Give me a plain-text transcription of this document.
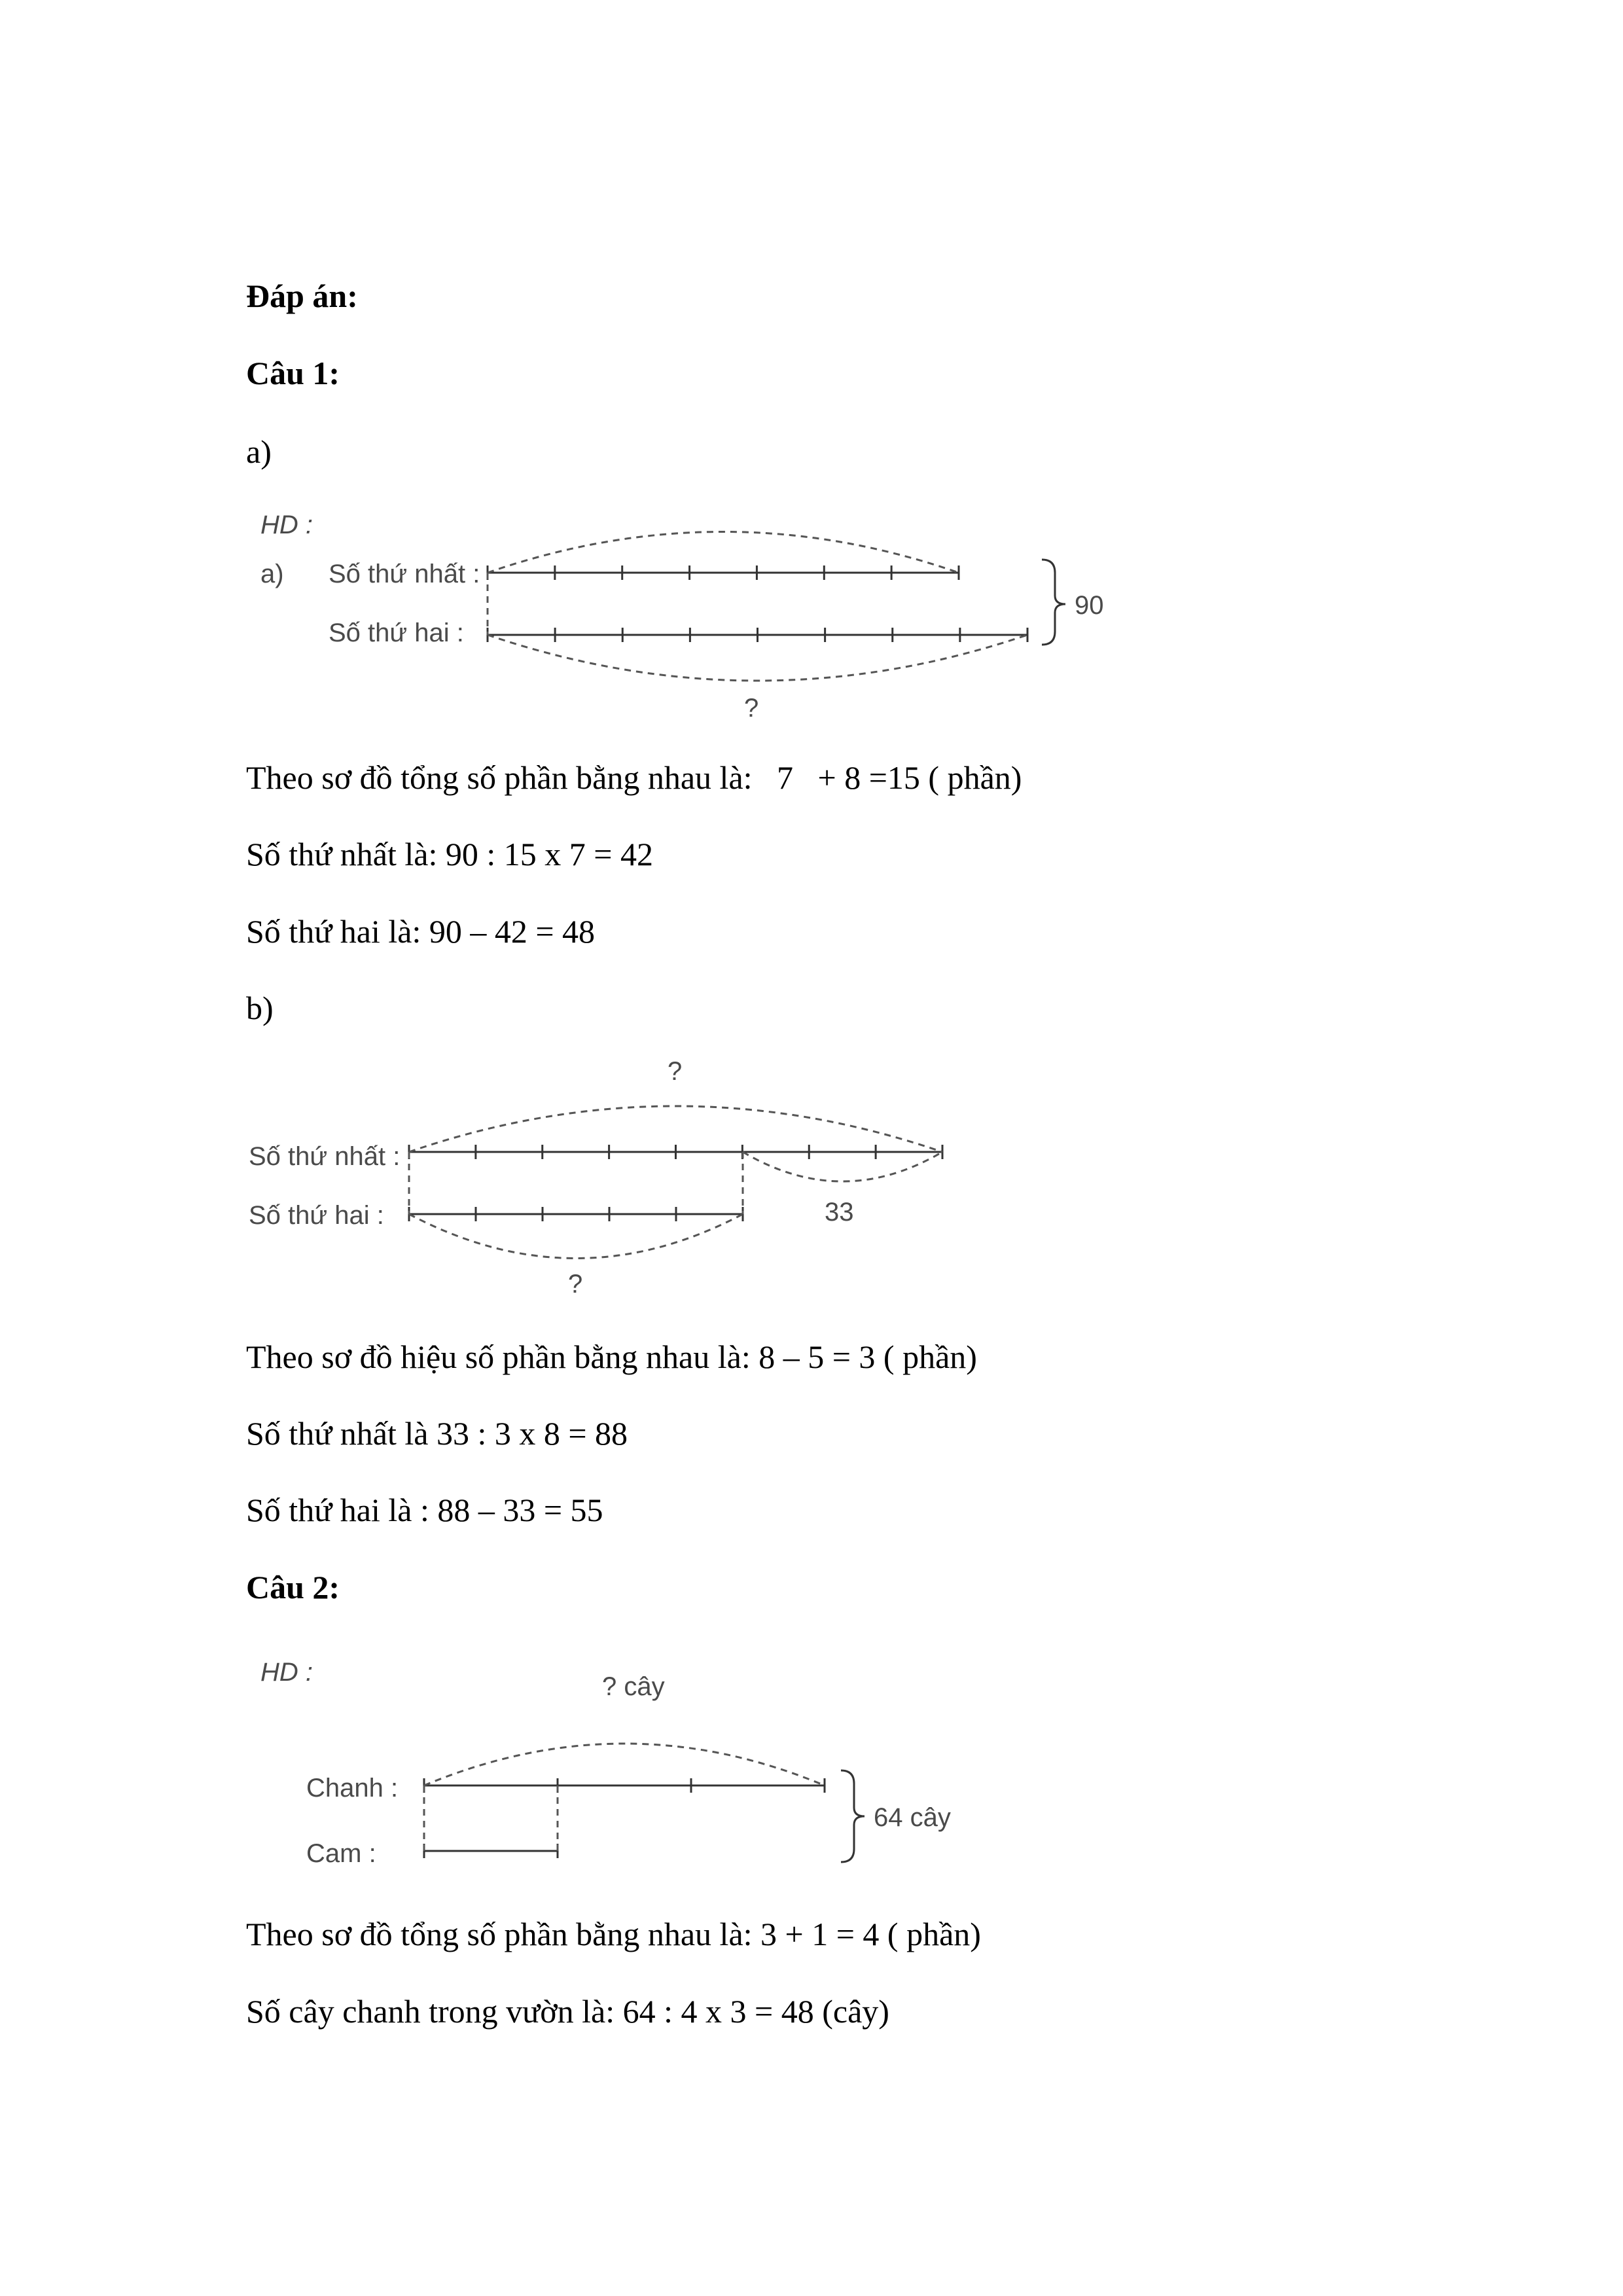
Đáp án:

Câu 1:

a)

HD :
a) Số thứ nhất :
Số thứ hai :
90
?

Theo sơ đồ tổng số phần bằng nhau là:   7   + 8 =15 ( phần)

Số thứ nhất là: 90 : 15 x 7 = 42

Số thứ hai là: 90 – 42 = 48

b)

Số thứ nhất :
Số thứ hai :
?
33
?

Theo sơ đồ hiệu số phần bằng nhau là: 8 – 5 = 3 ( phần)

Số thứ nhất là 33 : 3 x 8 = 88

Số thứ hai là : 88 – 33 = 55

Câu 2:

HD :
Chanh :
Cam :
64 cây
? cây

Theo sơ đồ tổng số phần bằng nhau là: 3 + 1 = 4 ( phần)

Số cây chanh trong vườn là: 64 : 4 x 3 = 48 (cây)
